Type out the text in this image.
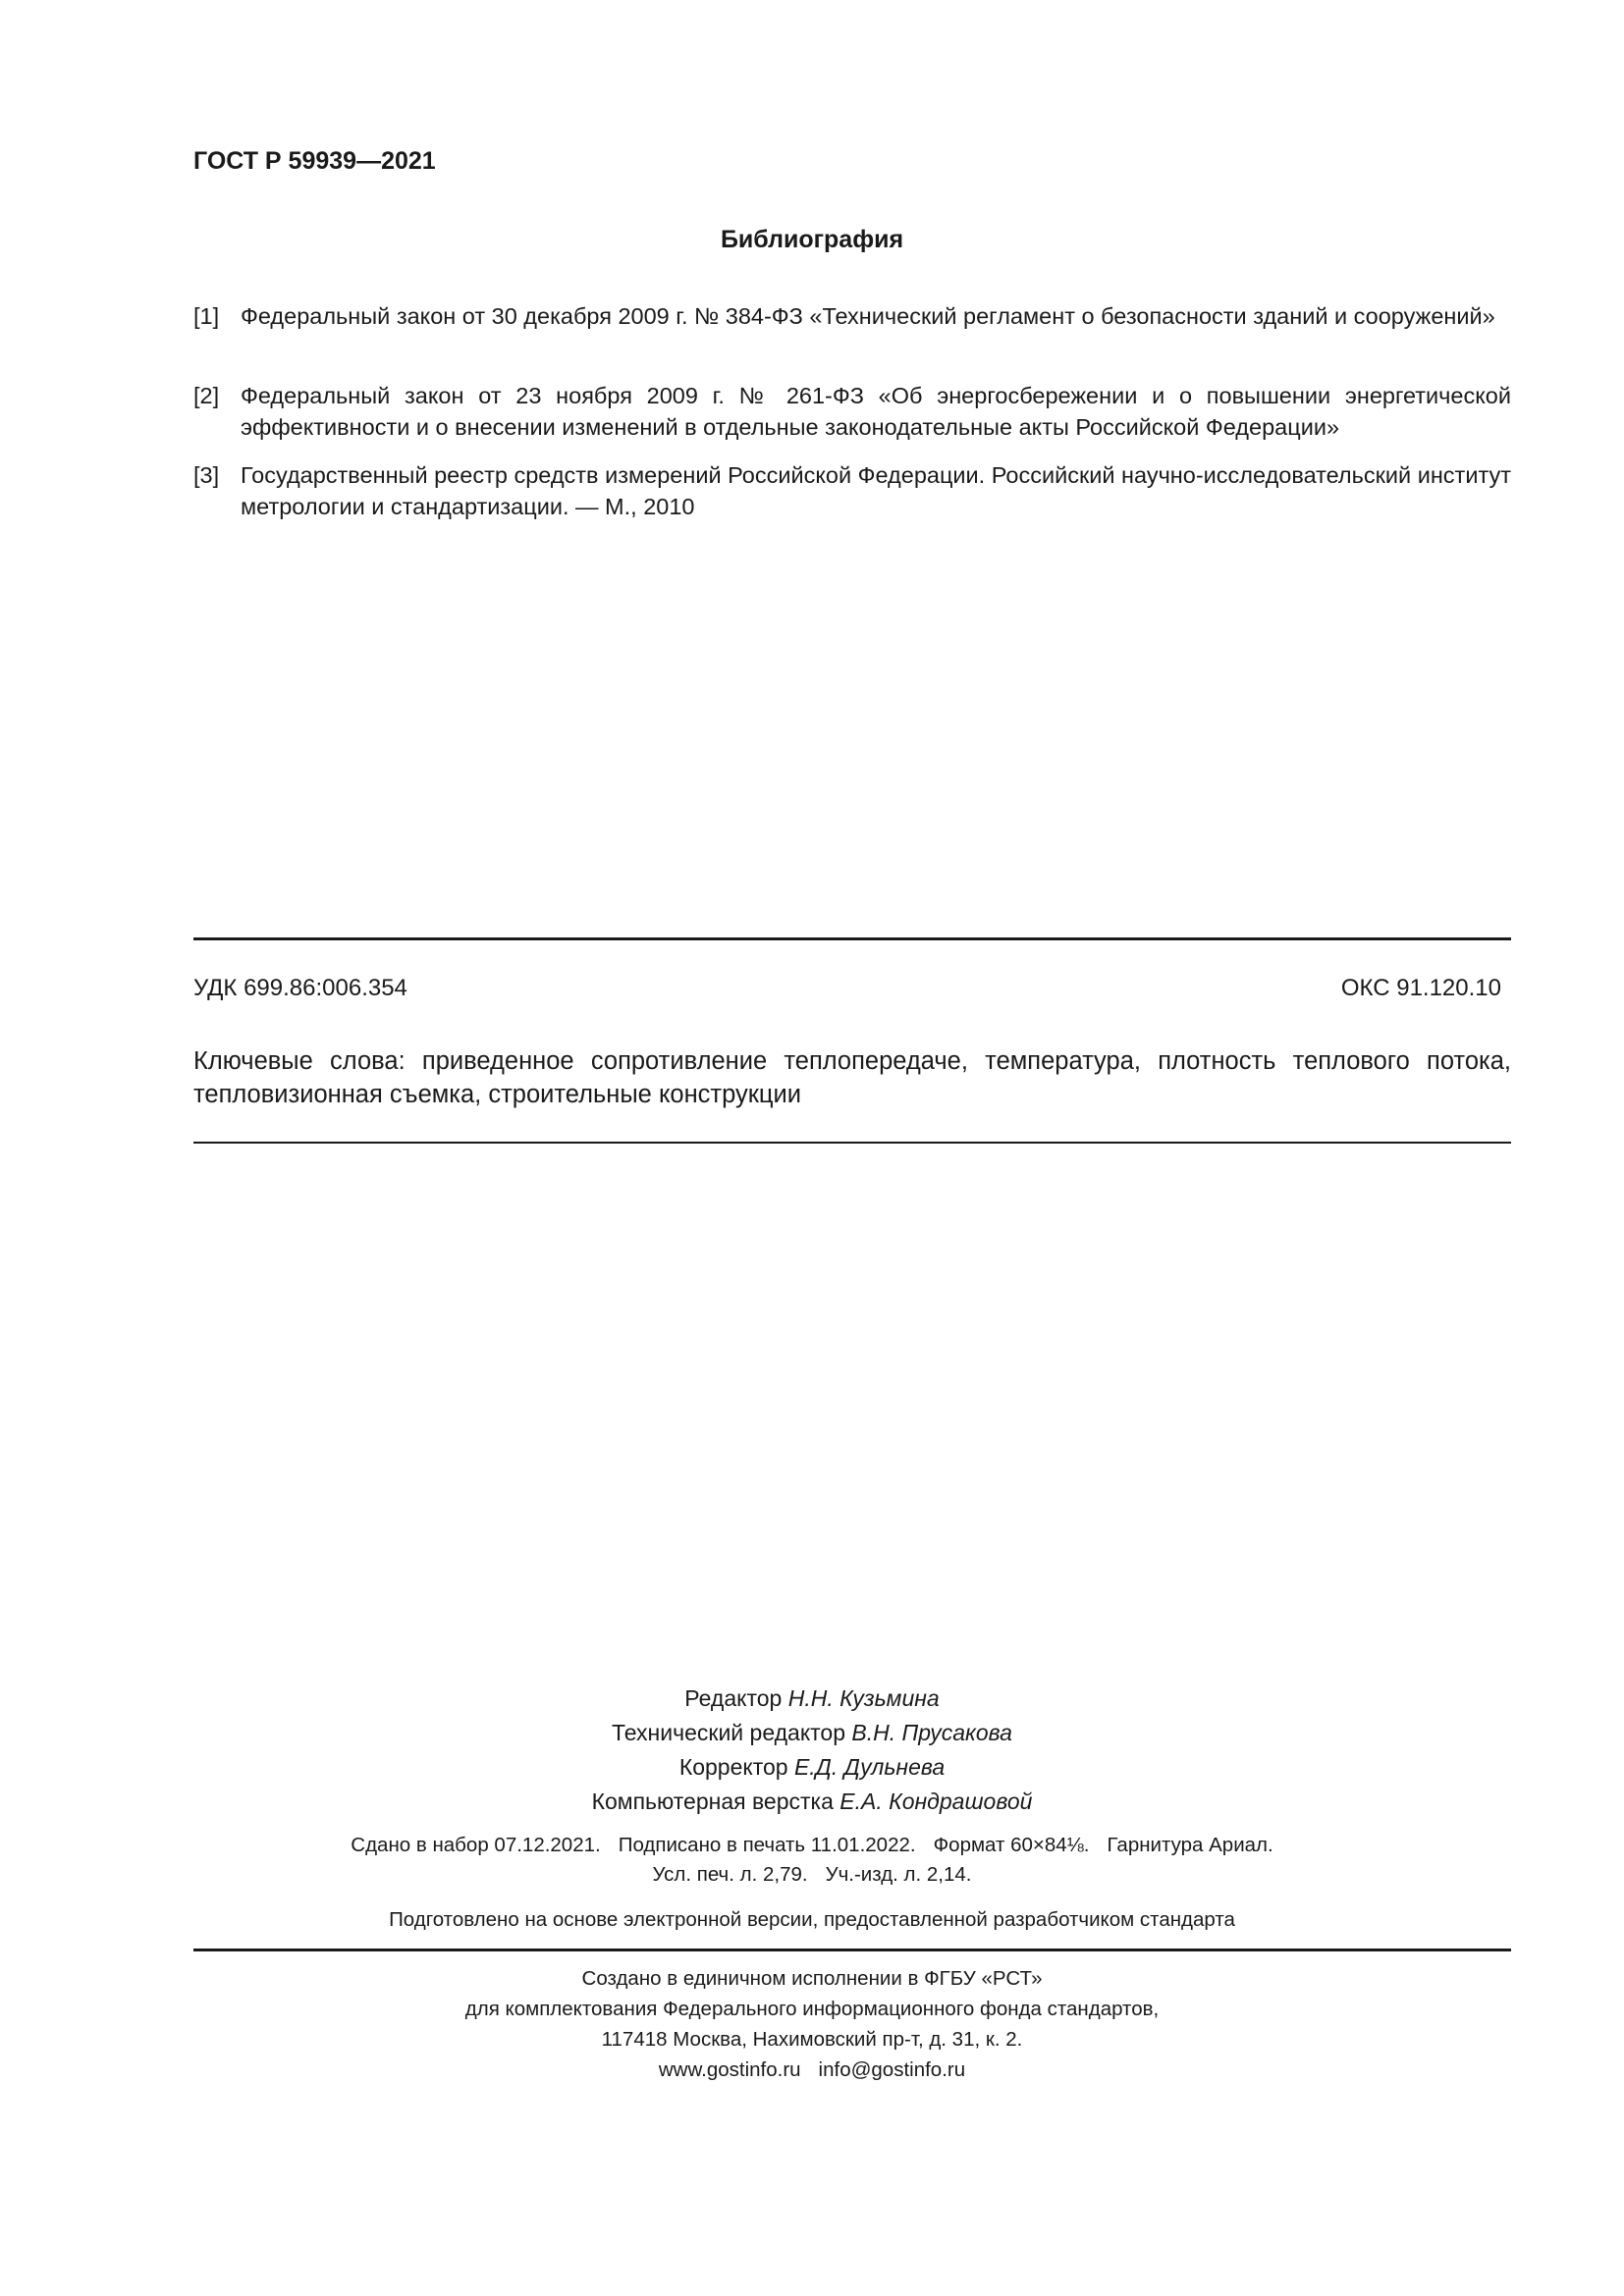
ГОСТ Р 59939—2021
Библиография
[1] Федеральный закон от 30 декабря 2009 г. № 384-ФЗ «Технический регламент о безопасности зданий и сооружений»
[2] Федеральный закон от 23 ноября 2009 г. № 261-ФЗ «Об энергосбережении и о повышении энергетической эффективности и о внесении изменений в отдельные законодательные акты Российской Федерации»
[3] Государственный реестр средств измерений Российской Федерации. Российский научно-исследовательский институт метрологии и стандартизации. — М., 2010
УДК 699.86:006.354	ОКС 91.120.10
Ключевые слова: приведенное сопротивление теплопередаче, температура, плотность теплового потока, тепловизионная съемка, строительные конструкции
Редактор Н.Н. Кузьмина
Технический редактор В.Н. Прусакова
Корректор Е.Д. Дульнева
Компьютерная верстка Е.А. Кондрашовой
Сдано в набор 07.12.2021. Подписано в печать 11.01.2022. Формат 60×84⅛. Гарнитура Ариал.
Усл. печ. л. 2,79. Уч.-изд. л. 2,14.
Подготовлено на основе электронной версии, предоставленной разработчиком стандарта
Создано в единичном исполнении в ФГБУ «РСТ»
для комплектования Федерального информационного фонда стандартов,
117418 Москва, Нахимовский пр-т, д. 31, к. 2.
www.gostinfo.ru info@gostinfo.ru
